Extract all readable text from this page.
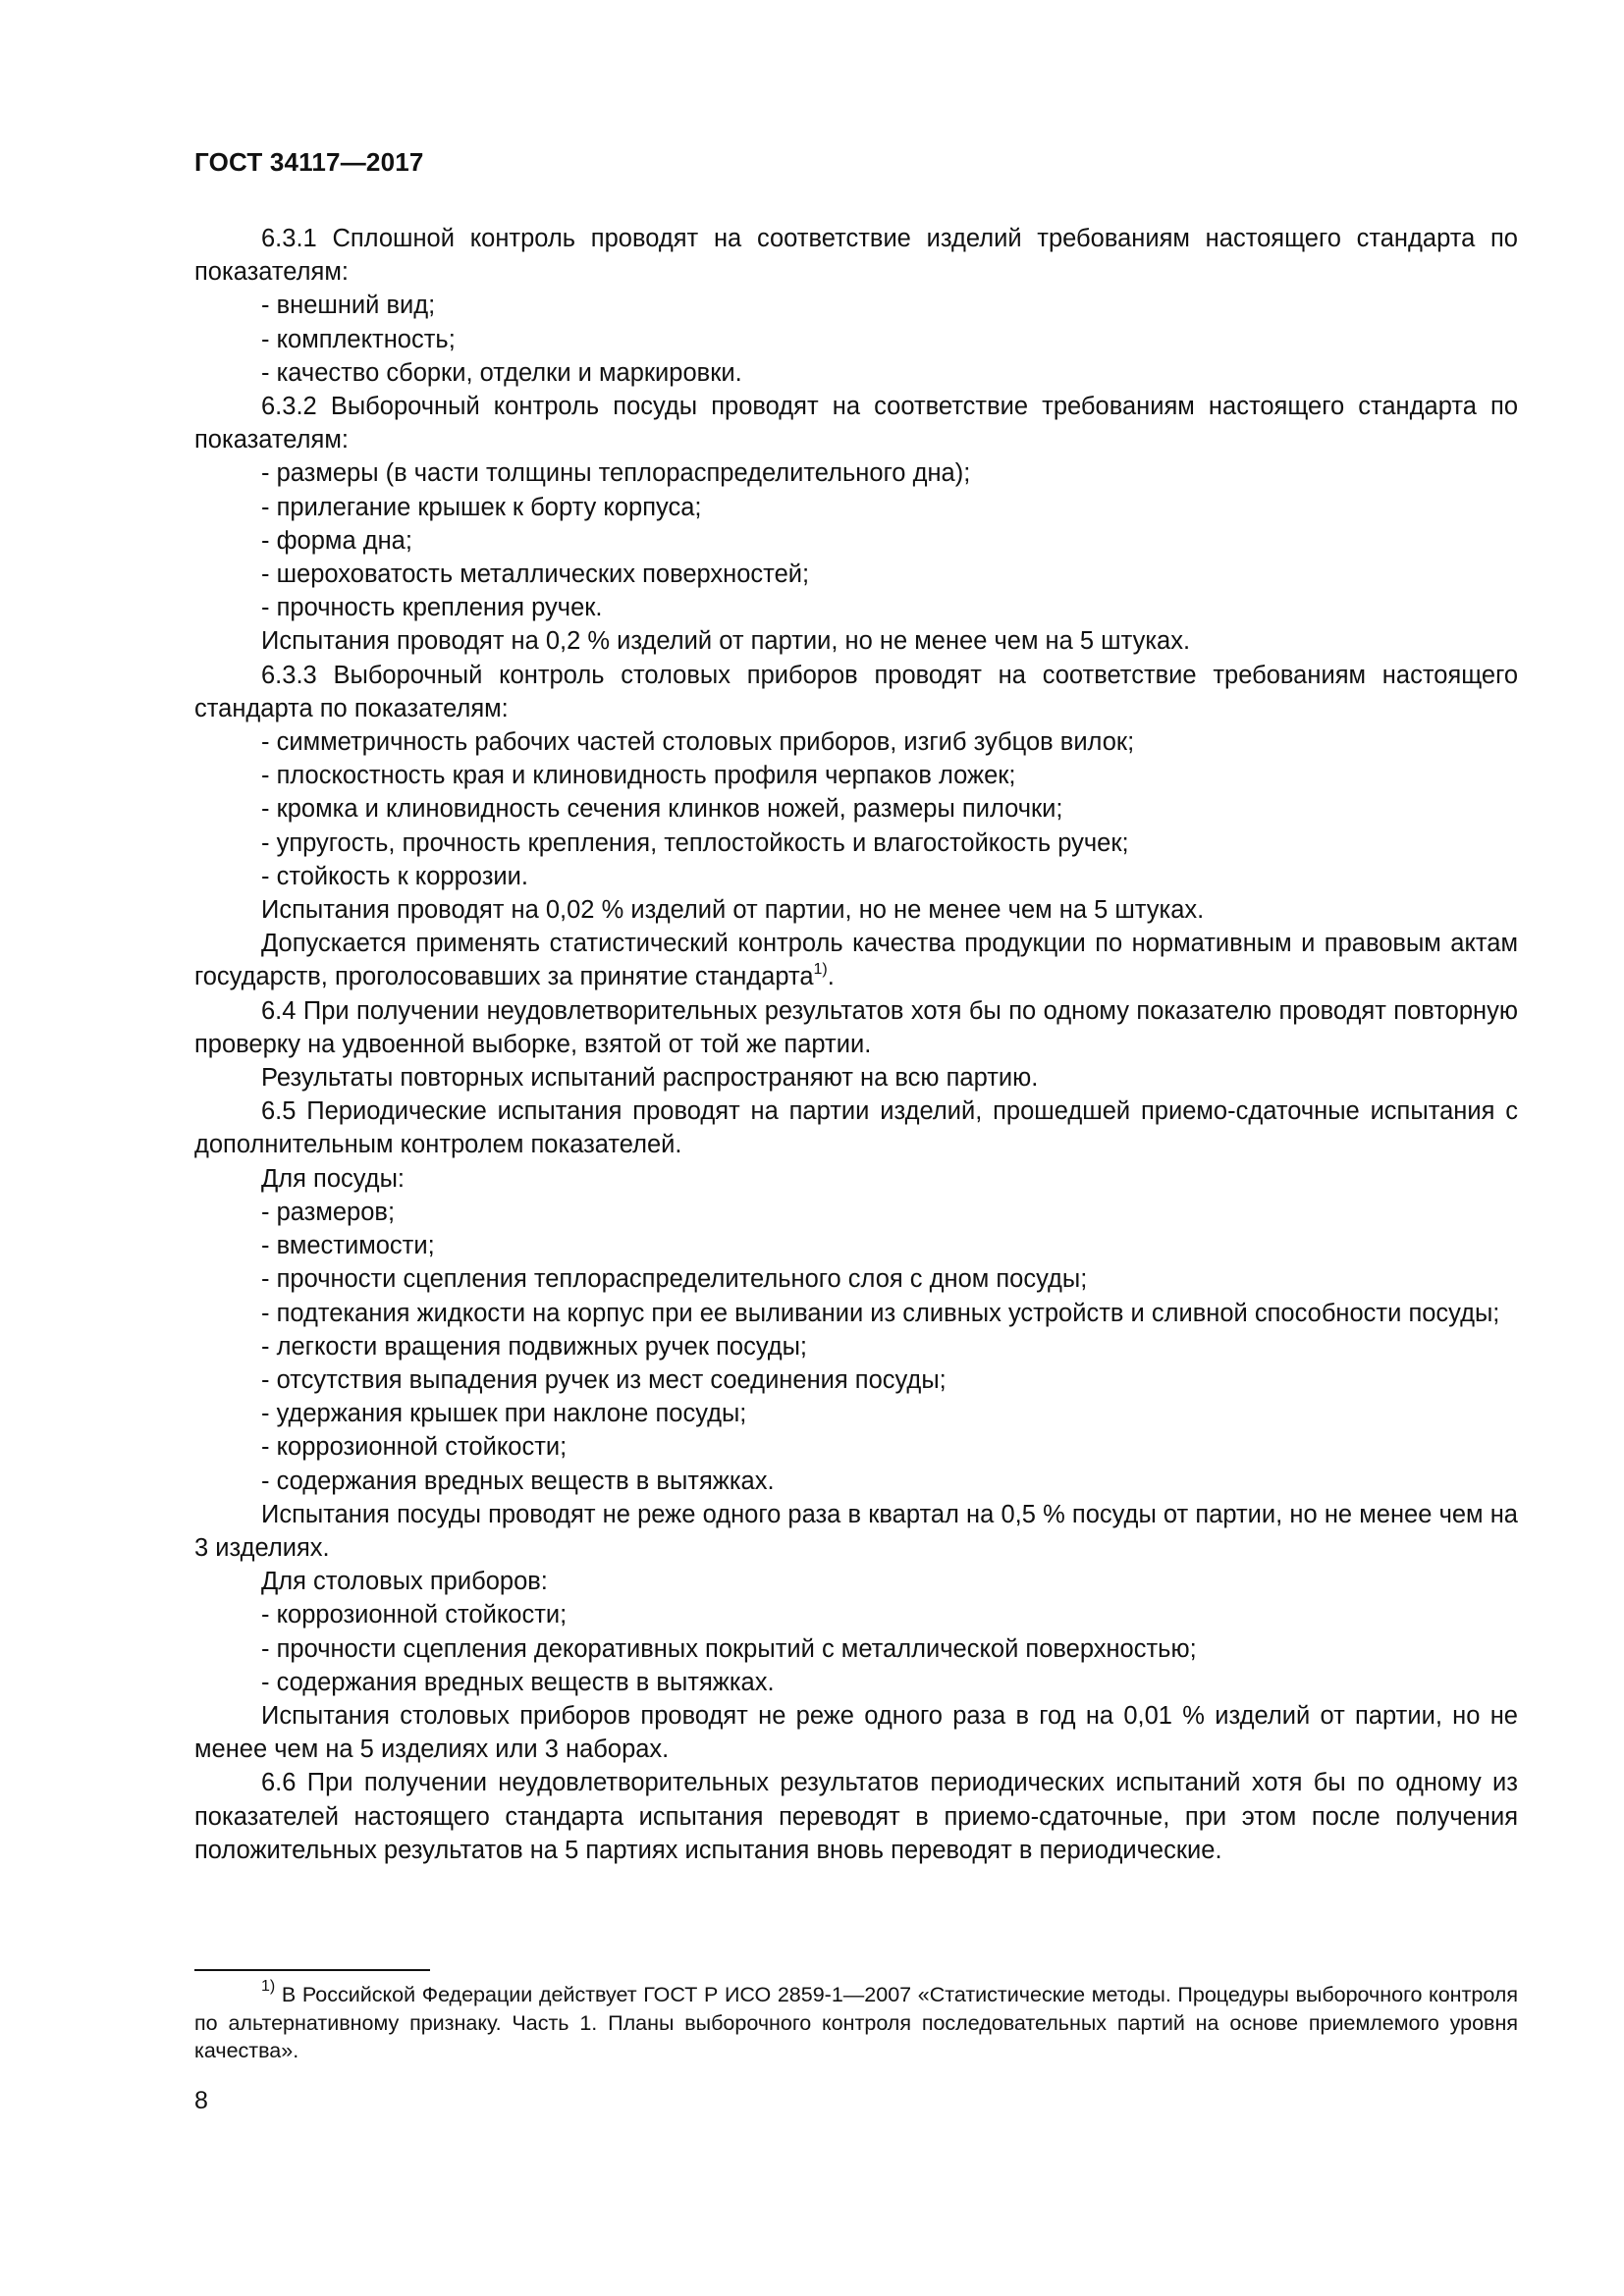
ГОСТ 34117—2017

6.3.1 Сплошной контроль проводят на соответствие изделий требованиям настоящего стандарта по показателям:

- внешний вид;

- комплектность;

- качество сборки, отделки и маркировки.

6.3.2 Выборочный контроль посуды проводят на соответствие требованиям настоящего стандарта по показателям:

- размеры (в части толщины теплораспределительного дна);

- прилегание крышек к борту корпуса;

- форма дна;

- шероховатость металлических поверхностей;

- прочность крепления ручек.

Испытания проводят на 0,2 % изделий от партии, но не менее чем на 5 штуках.

6.3.3 Выборочный контроль столовых приборов проводят на соответствие требованиям настоящего стандарта по показателям:

- симметричность рабочих частей столовых приборов, изгиб зубцов вилок;

- плоскостность края и клиновидность профиля черпаков ложек;

- кромка и клиновидность сечения клинков ножей, размеры пилочки;

- упругость, прочность крепления, теплостойкость и влагостойкость ручек;

- стойкость к коррозии.

Испытания проводят на 0,02 % изделий от партии, но не менее чем на 5 штуках.

Допускается применять статистический контроль качества продукции по нормативным и правовым актам государств, проголосовавших за принятие стандарта$^{1)}$.

6.4 При получении неудовлетворительных результатов хотя бы по одному показателю проводят повторную проверку на удвоенной выборке, взятой от той же партии.

Результаты повторных испытаний распространяют на всю партию.

6.5 Периодические испытания проводят на партии изделий, прошедшей приемо-сдаточные испытания с дополнительным контролем показателей.

Для посуды:

- размеров;

- вместимости;

- прочности сцепления теплораспределительного слоя с дном посуды;

- подтекания жидкости на корпус при ее выливании из сливных устройств и сливной способности посуды;

- легкости вращения подвижных ручек посуды;

- отсутствия выпадения ручек из мест соединения посуды;

- удержания крышек при наклоне посуды;

- коррозионной стойкости;

- содержания вредных веществ в вытяжках.

Испытания посуды проводят не реже одного раза в квартал на 0,5 % посуды от партии, но не менее чем на 3 изделиях.

Для столовых приборов:

- коррозионной стойкости;

- прочности сцепления декоративных покрытий с металлической поверхностью;

- содержания вредных веществ в вытяжках.

Испытания столовых приборов проводят не реже одного раза в год на 0,01 % изделий от партии, но не менее чем на 5 изделиях или 3 наборах.

6.6 При получении неудовлетворительных результатов периодических испытаний хотя бы по одному из показателей настоящего стандарта испытания переводят в приемо-сдаточные, при этом после получения положительных результатов на 5 партиях испытания вновь переводят в периодические.

$^{1)}$ В Российской Федерации действует ГОСТ Р ИСО 2859-1—2007 «Статистические методы. Процедуры выборочного контроля по альтернативному признаку. Часть 1. Планы выборочного контроля последовательных партий на основе приемлемого уровня качества».

8
